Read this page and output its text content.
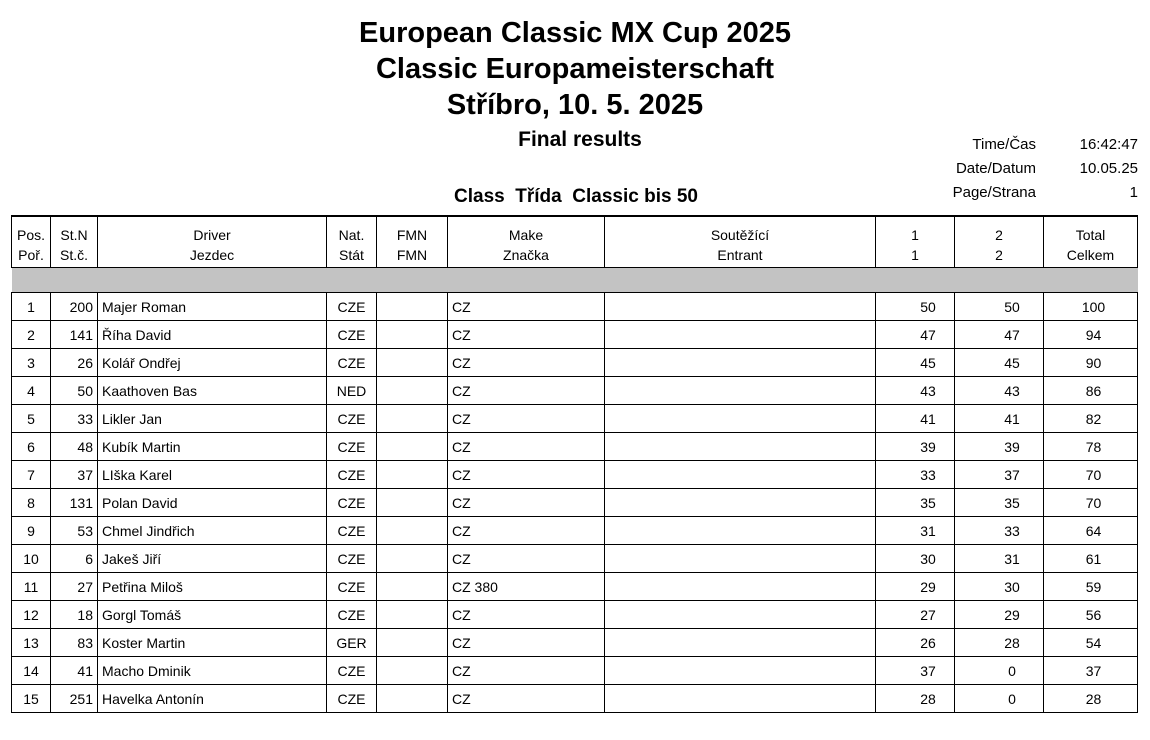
European Classic MX Cup 2025
Classic Europameisterschaft
Stříbro, 10. 5. 2025
Final results
Class  Třída  Classic bis 50
Time/Čas	16:42:47
Date/Datum	10.05.25
Page/Strana	1
Pos.	St.N	Driver	Nat.	FMN	Make	Soutěžící	1	2	Total
Poř.	St.č.	Jezdec	Stát	FMN	Značka	Entrant	1	2	Celkem

1	200	Majer Roman	CZE		CZ		50	50	100
2	141	Říha David	CZE		CZ		47	47	94
3	26	Kolář Ondřej	CZE		CZ		45	45	90
4	50	Kaathoven Bas	NED		CZ		43	43	86
5	33	Likler Jan	CZE		CZ		41	41	82
6	48	Kubík Martin	CZE		CZ		39	39	78
7	37	LIška Karel	CZE		CZ		33	37	70
8	131	Polan David	CZE		CZ		35	35	70
9	53	Chmel Jindřich	CZE		CZ		31	33	64
10	6	Jakeš Jiří	CZE		CZ		30	31	61
11	27	Petřina Miloš	CZE		CZ 380		29	30	59
12	18	Gorgl Tomáš	CZE		CZ		27	29	56
13	83	Koster Martin	GER		CZ		26	28	54
14	41	Macho Dminik	CZE		CZ		37	0	37
15	251	Havelka Antonín	CZE		CZ		28	0	28
